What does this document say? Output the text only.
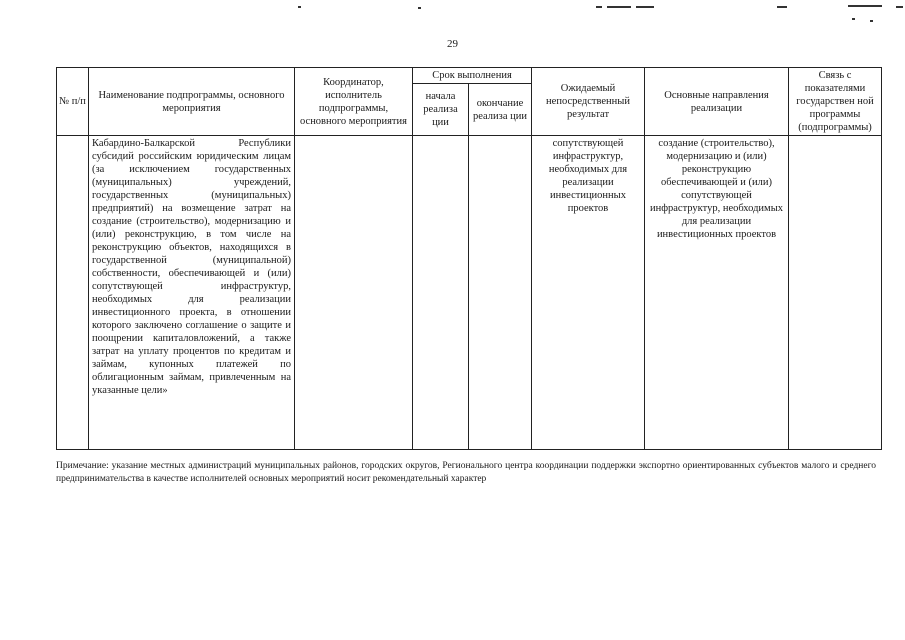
29
№ п/п	Наименование подпрограммы, основного мероприятия	Координатор, исполнитель подпрограммы, основного мероприятия	Срок выполнения		Ожидаемый непосредственный результат	Основные направления реализации	Связь с показателями государствен ной программы (подпрограммы)
			начала реализа ции	окончание реализа ции			
	Кабардино-Балкарской Республики субсидий российским юридическим лицам (за исключением государственных (муниципальных) учреждений, государственных (муниципальных) предприятий) на возмещение затрат на создание (строительство), модернизацию и (или) реконструкцию, в том числе на реконструкцию объектов, находящихся в государственной (муниципальной) собственности, обеспечивающей и (или) сопутствующей инфраструктур, необходимых для реализации инвестиционного проекта, в отношении которого заключено соглашение о защите и поощрении капиталовложений, а также затрат на уплату процентов по кредитам и займам, купонных платежей по облигационным займам, привлеченным на указанные цели»				сопутствующей инфраструктур, необходимых для реализации инвестиционных проектов	создание (строительство), модернизацию и (или) реконструкцию обеспечивающей и (или) сопутствующей инфраструктур, необходимых для реализации инвестиционных проектов	
Примечание: указание местных администраций муниципальных районов, городских округов, Регионального центра координации поддержки экспортно ориентированных субъектов малого и среднего предпринимательства в качестве исполнителей основных мероприятий носит рекомендательный характер
